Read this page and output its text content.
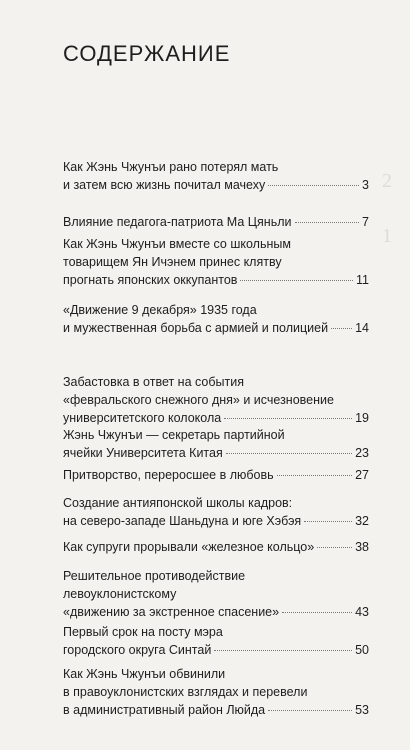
2
1
СОДЕРЖАНИЕ
Как Жэнь Чжунъи рано потерял мать
и затем всю жизнь почитал мачеху	3
Влияние педагога-патриота Ма Цяньли	7
Как Жэнь Чжунъи вместе со школьным
товарищем Ян Ичэнем принес клятву
прогнать японских оккупантов	11
«Движение 9 декабря» 1935 года
и мужественная борьба с армией и полицией 14
Забастовка в ответ на события
«февральского снежного дня» и исчезновение
университетского колокола	19
Жэнь Чжунъи — секретарь партийной
ячейки Университета Китая	23
Притворство, переросшее в любовь	27
Создание антияпонской школы кадров:
на северо-западе Шаньдуна и юге Хэбэя	32
Как супруги прорывали «железное кольцо»	38
Решительное противодействие
левоуклонистскому
«движению за экстренное спасение»	43
Первый срок на посту мэра
городского округа Синтай	50
Как Жэнь Чжунъи обвинили
в правоуклонистских взглядах и перевели
в административный район Люйда	53
